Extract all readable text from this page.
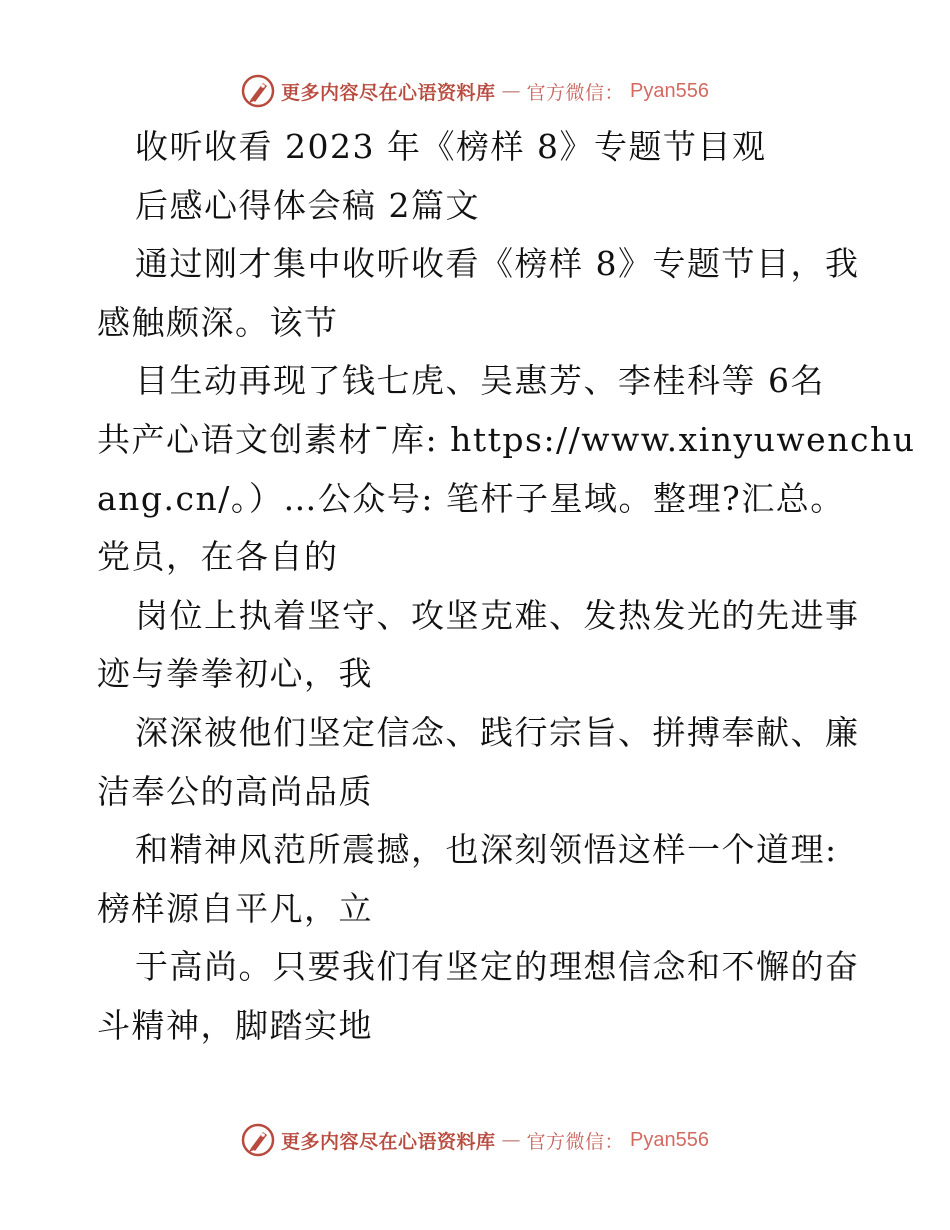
更多内容尽在心语资料库 — 官方微信： Pyan556
收听收看 2023 年《榜样 8》专题节目观
后感心得体会稿 2篇文
通过刚才集中收听收看《榜样 8》专题节目，我
感触颇深。该节
目生动再现了钱七虎、吴惠芳、李桂科等 6名
共产心语文创素材¯库: https://www.xinyuwenchu
ang.cn/。）…公众号: 笔杆子星域。整理?汇总。
党员，在各自的
岗位上执着坚守、攻坚克难、发热发光的先进事
迹与拳拳初心，我
深深被他们坚定信念、践行宗旨、拼搏奉献、廉
洁奉公的高尚品质
和精神风范所震撼，也深刻领悟这样一个道理:
榜样源自平凡，立
于高尚。只要我们有坚定的理想信念和不懈的奋
斗精神，脚踏实地
更多内容尽在心语资料库 — 官方微信： Pyan556
